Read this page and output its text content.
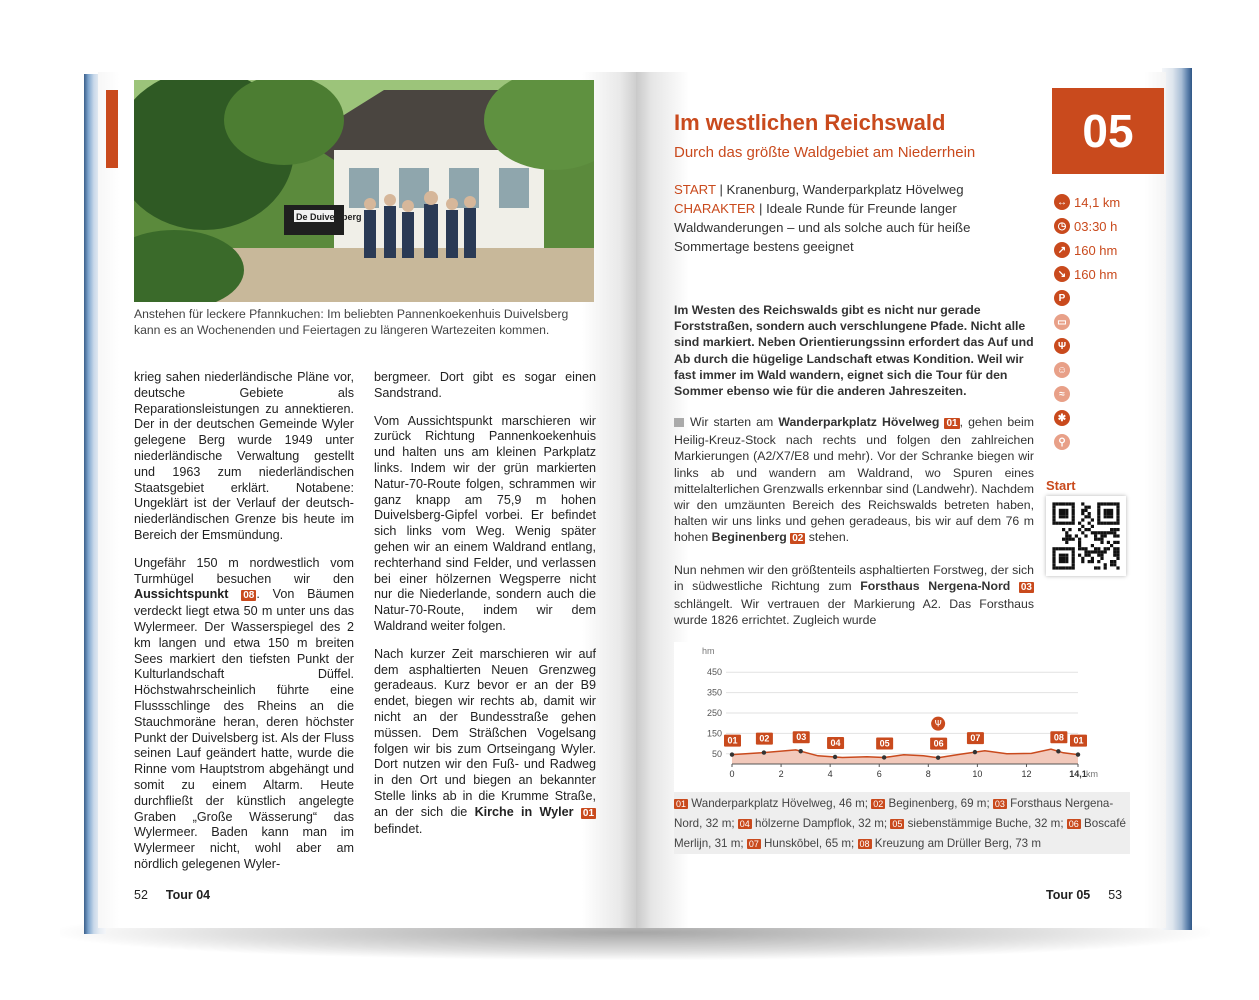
De Duivelsberg
Anstehen für leckere Pfannkuchen: Im beliebten Pannenkoekenhuis Duivelsberg kann es an Wochenenden und Feiertagen zu längeren Wartezeiten kommen.

krieg sahen niederländische Pläne vor, deutsche Gebiete als Reparationsleistungen zu annektieren. Der in der deutschen Gemeinde Wyler gelegene Berg wurde 1949 unter niederländische Verwaltung gestellt und 1963 zum niederländischen Staatsgebiet erklärt. Notabene: Ungeklärt ist der Verlauf der deutsch-niederländischen Grenze bis heute im Bereich der Emsmündung.

Ungefähr 150 m nordwestlich vom Turmhügel besuchen wir den Aussichtspunkt 08 . Von Bäumen verdeckt liegt etwa 50 m unter uns das Wylermeer. Der Wasserspiegel des 2 km langen und etwa 150 m breiten Sees markiert den tiefsten Punkt der Kulturlandschaft Düffel. Höchstwahrscheinlich führte eine Flussschlinge des Rheins an die Stauchmoräne heran, deren höchster Punkt der Duivelsberg ist. Als der Fluss seinen Lauf geändert hatte, wurde die Rinne vom Hauptstrom abgehängt und somit zu einem Altarm. Heute durchfließt der künstlich angelegte Graben „Große Wässerung“ das Wylermeer. Baden kann man im Wylermeer nicht, wohl aber am nördlich gelegenen Wyler-

bergmeer. Dort gibt es sogar einen Sandstrand.

Vom Aussichtspunkt marschieren wir zurück Richtung Pannenkoekenhuis und halten uns am kleinen Parkplatz links. Indem wir der grün markierten Natur-70-Route folgen, schrammen wir ganz knapp am 75,9 m hohen Duivelsberg-Gipfel vorbei. Er befindet sich links vom Weg. Wenig später gehen wir an einem Waldrand entlang, rechterhand sind Felder, und verlassen bei einer hölzernen Wegsperre nicht nur die Niederlande, sondern auch die Natur-70-Route, indem wir dem Waldrand weiter folgen.

Nach kurzer Zeit marschieren wir auf dem asphaltierten Neuen Grenzweg geradeaus. Kurz bevor er an der B9 endet, biegen wir rechts ab, damit wir nicht an der Bundesstraße gehen müssen. Dem Sträßchen Vogelsang folgen wir bis zum Ortseingang Wyler. Dort nutzen wir den Fuß- und Radweg in den Ort und biegen an bekannter Stelle links ab in die Krumme Straße, an der sich die Kirche in Wyler 01 befindet.

52 Tour 04
Im westlichen Reichswald
Durch das größte Waldgebiet am Niederrhein	05
START | Kranenburg, Wanderparkplatz Hövelweg
CHARAKTER | Ideale Runde für Freunde langer Waldwanderungen – und als solche auch für heiße Sommertage bestens geeignet
↔ 14,1 km
◷ 03:30 h
↗ 160 hm
↘ 160 hm
P
▭
Ψ
☺
≈
✱
⚲
Im Westen des Reichswalds gibt es nicht nur gerade Forststraßen, sondern auch verschlungene Pfade. Nicht alle sind markiert. Neben Orientierungssinn erfordert das Auf und Ab durch die hügelige Landschaft etwas Kondition. Weil wir fast immer im Wald wandern, eignet sich die Tour für den Sommer ebenso wie für die anderen Jahreszeiten.

Wir starten am Wanderparkplatz Hövelweg 01 , gehen beim Heilig-Kreuz-Stock nach rechts und folgen den zahlreichen Markierungen (A2/X7/E8 und mehr). Vor der Schranke biegen wir links ab und wandern am Waldrand, wo Spuren eines mittelalterlichen Grenzwalls erkennbar sind (Landwehr). Nachdem wir den umzäunten Bereich des Reichswalds betreten haben, halten wir uns links und gehen geradeaus, bis wir auf dem 76 m hohen Beginenberg 02 stehen.

Nun nehmen wir den größtenteils asphaltierten Forstweg, der sich in südwestliche Richtung zum Forsthaus Nergena-Nord 03 schlängelt. Wir vertrauen der Markierung A2. Das Forsthaus wurde 1826 errichtet. Zugleich wurde

Start
hm
50
150
250
350
450
0	2	4	6	8	10	12	14,1 km
01 02	03
04	05	06
07	08 01
Ψ
01 Wanderparkplatz Hövelweg, 46 m; 02 Beginenberg, 69 m; 03 Forsthaus Nergena-Nord, 32 m; 04 hölzerne Dampflok, 32 m; 05 siebenstämmige Buche, 32 m; 06 Boscafé Merlijn, 31 m; 07 Hunskōbel, 65 m; 08 Kreuzung am Drüller Berg, 73 m
Tour 05 53
